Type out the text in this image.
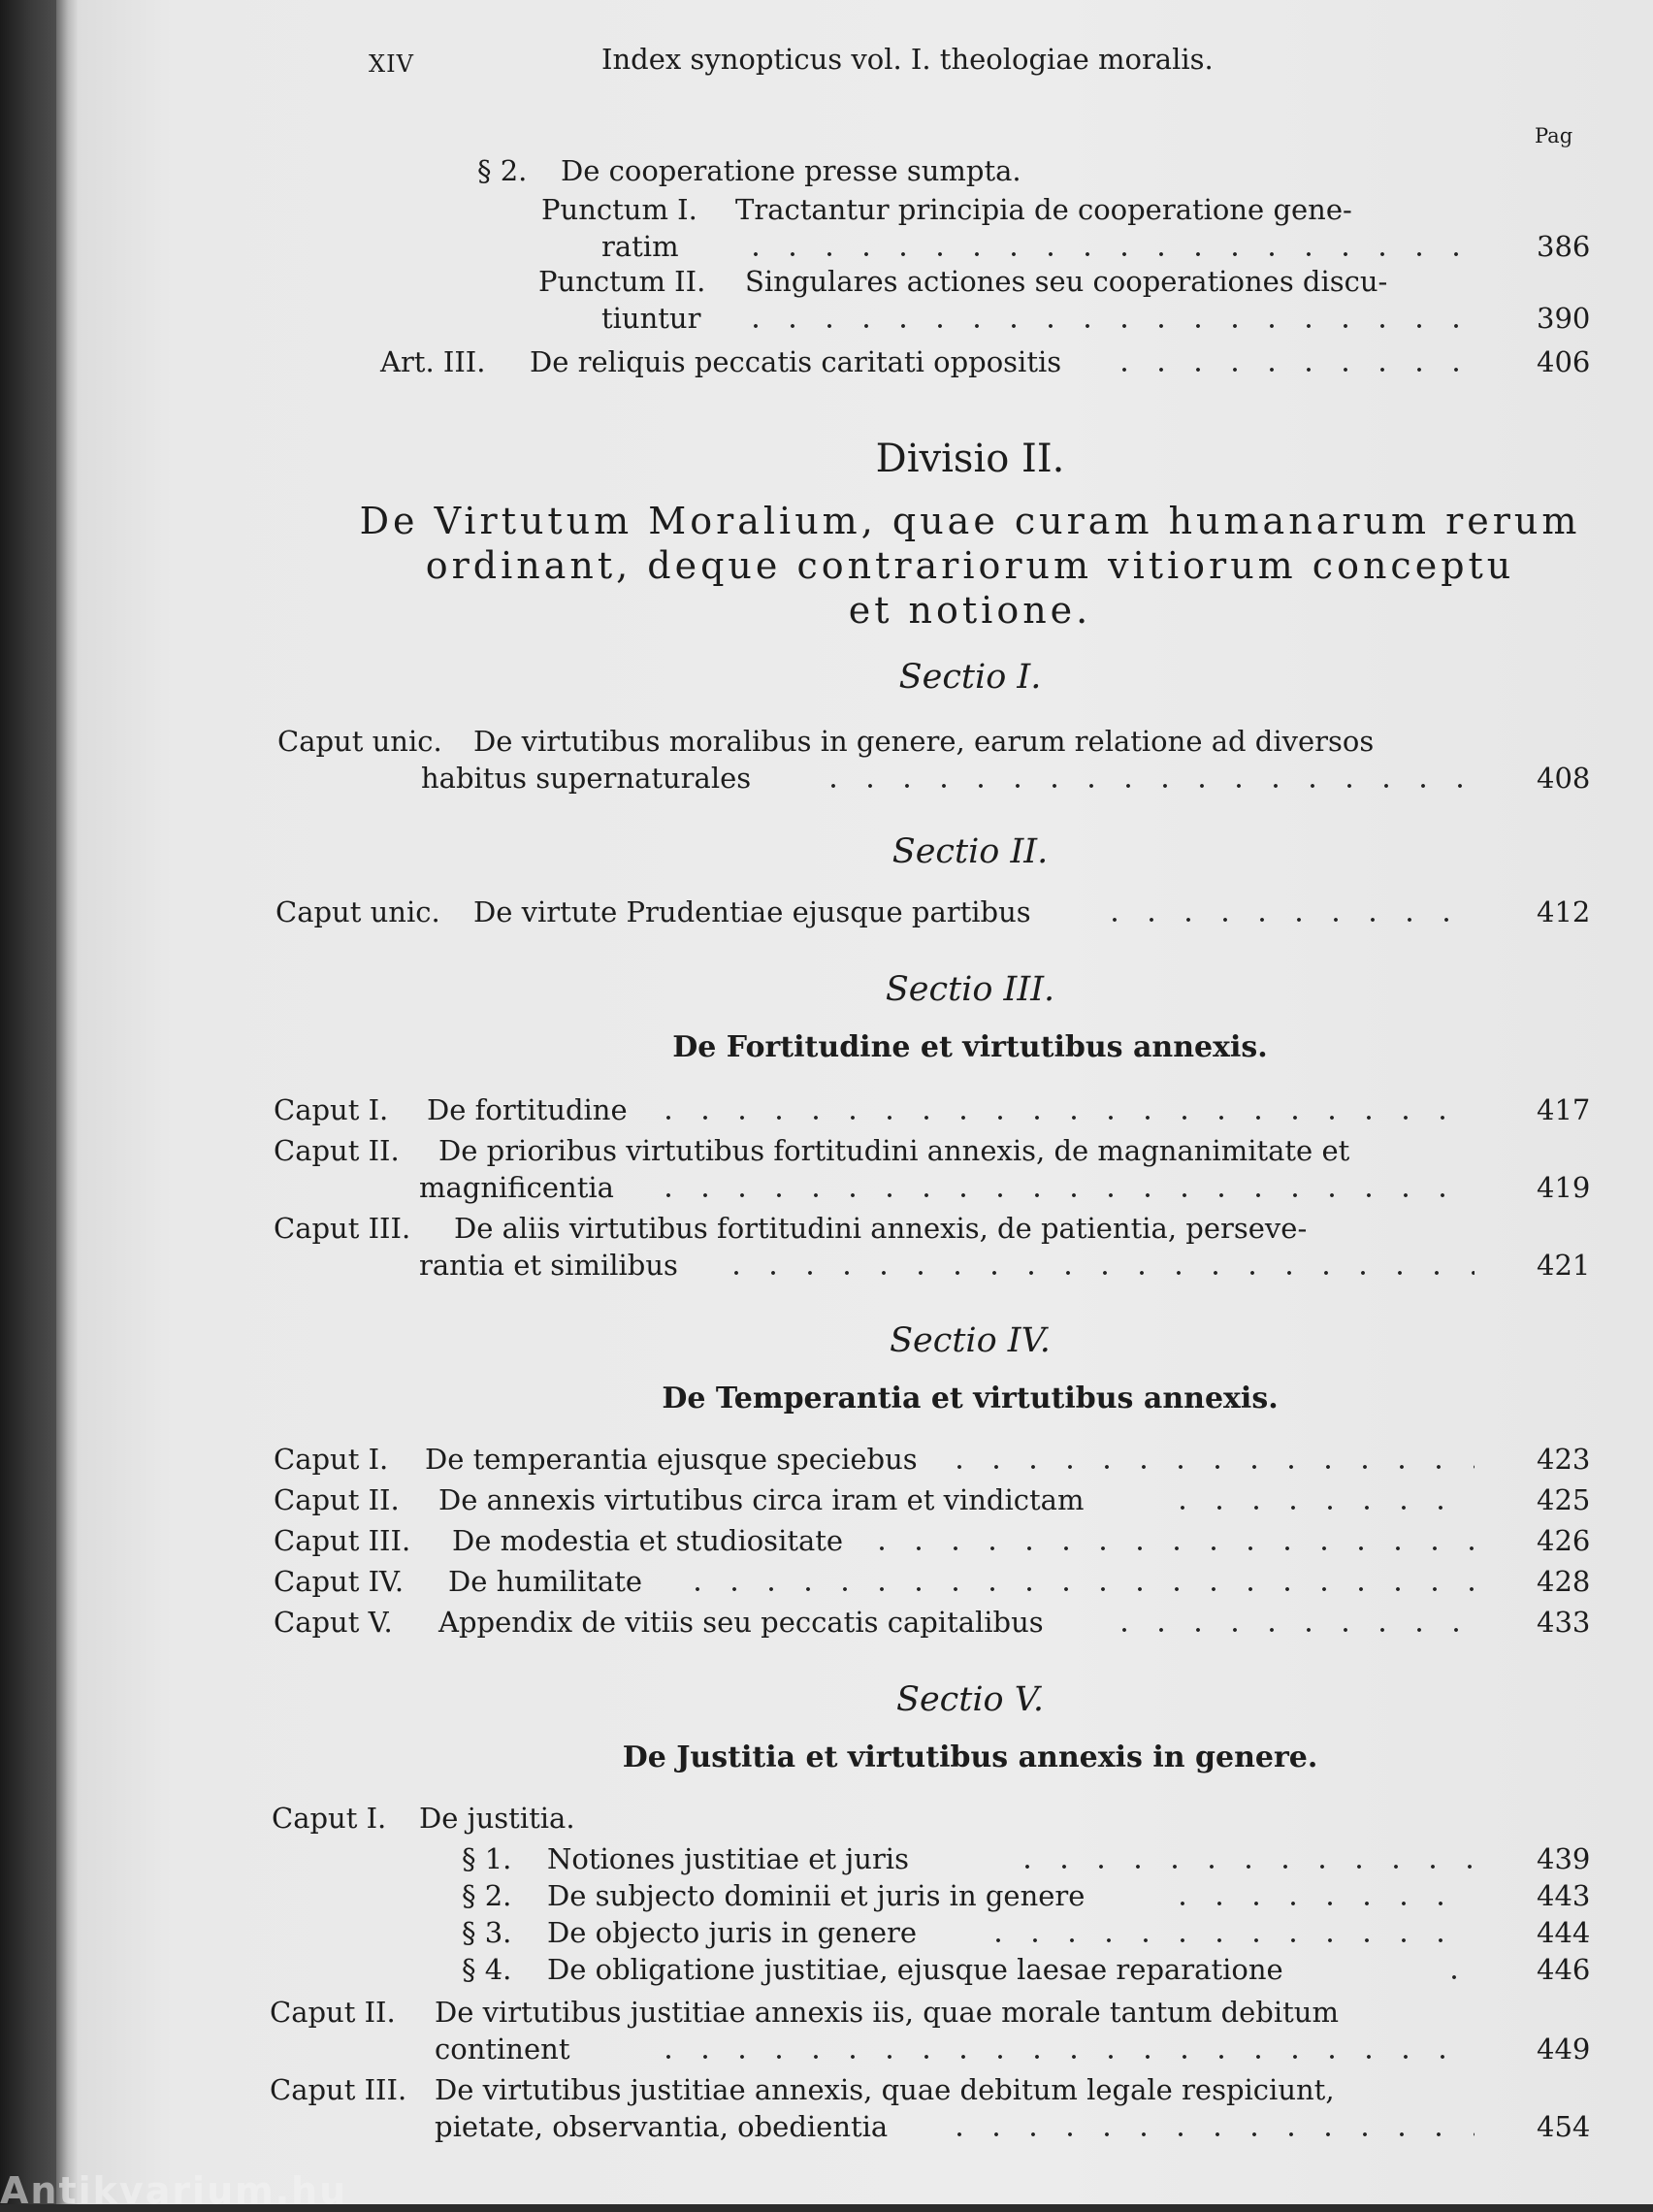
XIV	Index synopticus vol. I. theologiae moralis.
Pag
§ 2. De cooperatione presse sumpta.
Punctum I. Tractantur principia de cooperatione gene-
ratim	386
Punctum II. Singulares actiones seu cooperationes discu-
tiuntur	390
Art. III. De reliquis peccatis caritati oppositis	406
Divisio II.
De Virtutum Moralium, quae curam humanarum rerum
ordinant, deque contrariorum vitiorum conceptu
et notione.
Sectio I.
Caput unic. De virtutibus moralibus in genere, earum relatione ad diversos
habitus supernaturales	408
Sectio II.
Caput unic. De virtute Prudentiae ejusque partibus	412
Sectio III.
De Fortitudine et virtutibus annexis.
Caput I. De fortitudine	417
Caput II. De prioribus virtutibus fortitudini annexis, de magnanimitate et
magnificentia	419
Caput III. De aliis virtutibus fortitudini annexis, de patientia, perseve-
rantia et similibus	421
Sectio IV.
De Temperantia et virtutibus annexis.
Caput I. De temperantia ejusque speciebus	423
Caput II. De annexis virtutibus circa iram et vindictam	425
Caput III. De modestia et studiositate	426
Caput IV. De humilitate	428
Caput V. Appendix de vitiis seu peccatis capitalibus	433
Sectio V.
De Justitia et virtutibus annexis in genere.
Caput I. De justitia.
§ 1. Notiones justitiae et juris	439
§ 2. De subjecto dominii et juris in genere	443
§ 3. De objecto juris in genere	444
§ 4. De obligatione justitiae, ejusque laesae reparatione	446
Caput II. De virtutibus justitiae annexis iis, quae morale tantum debitum
continent	449
Caput III. De virtutibus justitiae annexis, quae debitum legale respiciunt,
pietate, observantia, obedientia	454
Antikvarium.hu
